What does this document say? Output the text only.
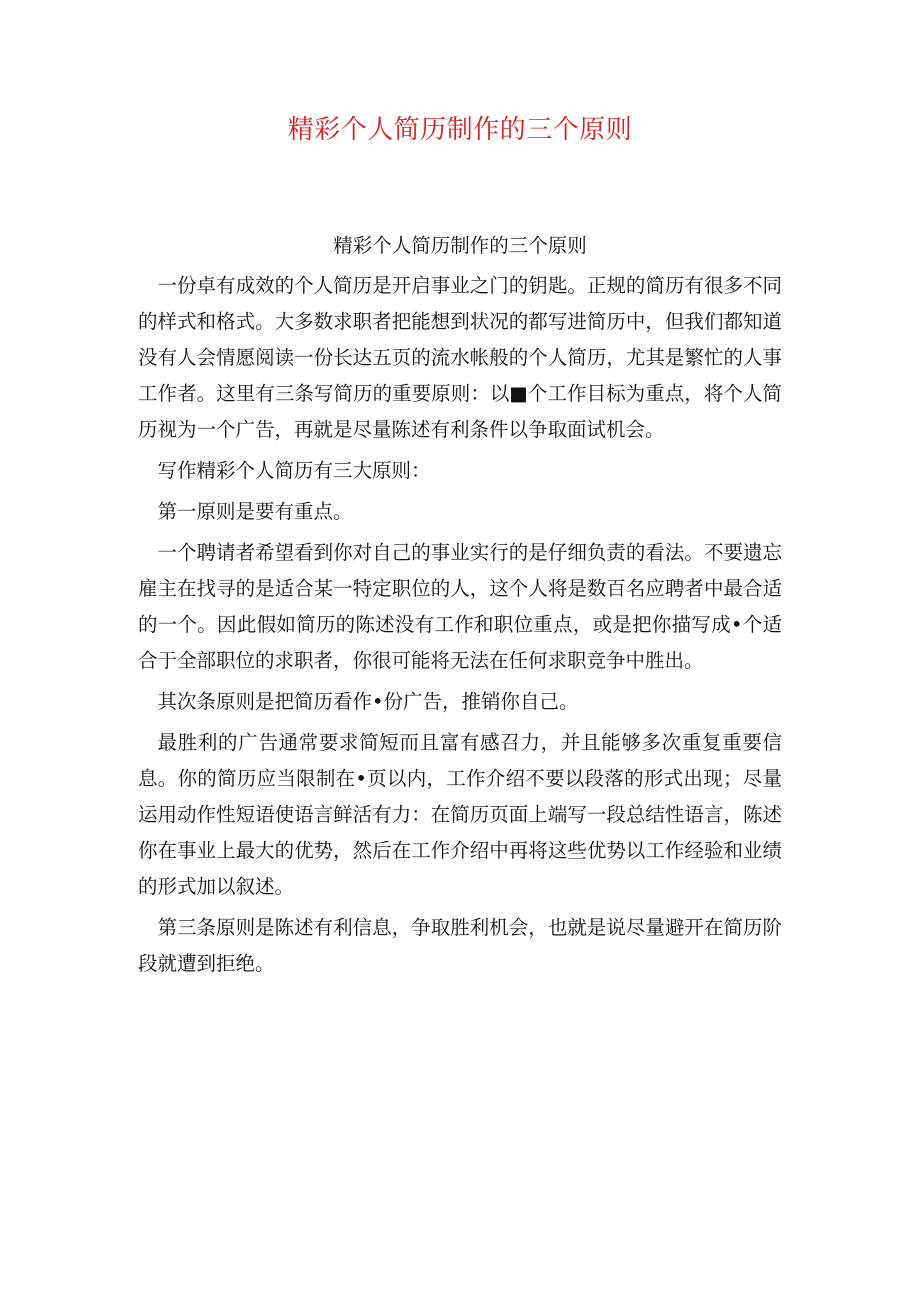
精彩个人简历制作的三个原则
精彩个人简历制作的三个原则

一份卓有成效的个人简历是开启事业之门的钥匙。正规的简历有很多不同的样式和格式。大多数求职者把能想到状况的都写进简历中，但我们都知道没有人会情愿阅读一份长达五页的流水帐般的个人简历，尤其是繁忙的人事工作者。这里有三条写简历的重要原则：以■个工作目标为重点，将个人简历视为一个广告，再就是尽量陈述有利条件以争取面试机会。

写作精彩个人简历有三大原则：

第一原则是要有重点。

一个聘请者希望看到你对自己的事业实行的是仔细负责的看法。不要遗忘雇主在找寻的是适合某一特定职位的人，这个人将是数百名应聘者中最合适的一个。因此假如简历的陈述没有工作和职位重点，或是把你描写成•个适合于全部职位的求职者，你很可能将无法在任何求职竞争中胜出。

其次条原则是把简历看作•份广告，推销你自己。

最胜利的广告通常要求简短而且富有感召力，并且能够多次重复重要信息。你的简历应当限制在•页以内，工作介绍不要以段落的形式出现；尽量运用动作性短语使语言鲜活有力：在简历页面上端写一段总结性语言，陈述你在事业上最大的优势，然后在工作介绍中再将这些优势以工作经验和业绩的形式加以叙述。

第三条原则是陈述有利信息，争取胜利机会，也就是说尽量避开在简历阶段就遭到拒绝。
